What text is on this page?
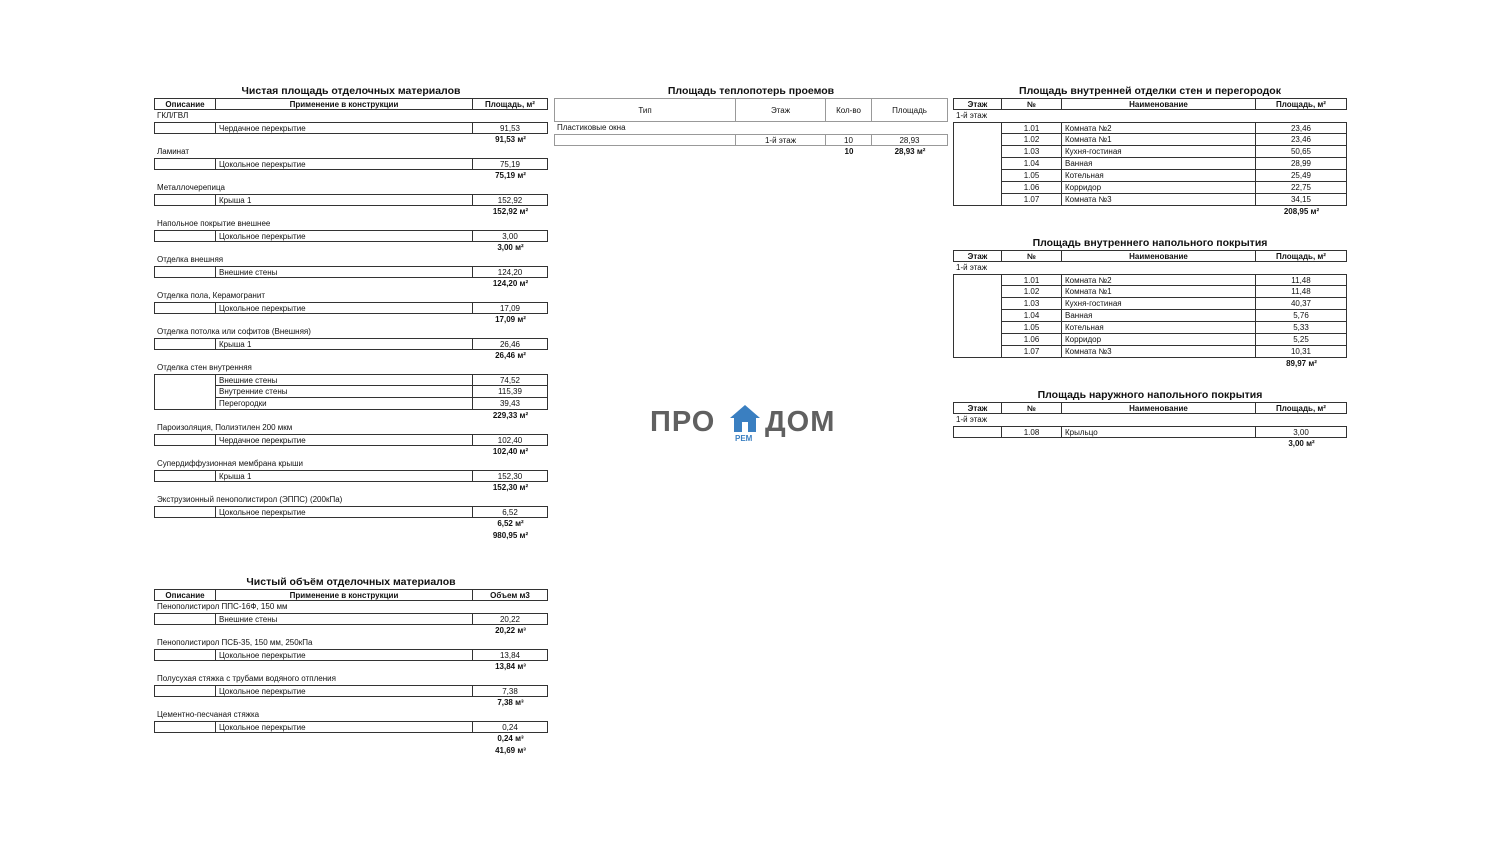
Чистая площадь отделочных материалов
Описание	Применение в конструкции	Площадь, м²
ГКЛ/ГВЛ
Чердачное перекрытие	91,53
91,53 м²
Ламинат
Цокольное перекрытие	75,19
75,19 м²
Металлочерепица
Крыша 1	152,92
152,92 м²
Напольное покрытие внешнее
Цокольное перекрытие	3,00
3,00 м²
Отделка внешняя
Внешние стены	124,20
124,20 м²
Отделка пола, Керамогранит
Цокольное перекрытие	17,09
17,09 м²
Отделка потолка или софитов (Внешняя)
Крыша 1	26,46
26,46 м²
Отделка стен внутренняя
Внешние стены	74,52
Внутренние стены	115,39
Перегородки	39,43
229,33 м²
Пароизоляция, Полиэтилен 200 мкм
Чердачное перекрытие	102,40
102,40 м²
Супердиффузионная мембрана крыши
Крыша 1	152,30
152,30 м²
Экструзионный пенополистирол (ЭППС) (200кПа)
Цокольное перекрытие	6,52
6,52 м²
980,95 м²
Чистый объём отделочных материалов
Описание	Применение в конструкции	Объем м3
Пенополистирол ППС-16Ф, 150 мм
Внешние стены	20,22
20,22 м³
Пенополистирол ПСБ-35, 150 мм, 250кПа
Цокольное перекрытие	13,84
13,84 м³
Полусухая стяжка с трубами водяного отпления
Цокольное перекрытие	7,38
7,38 м³
Цементно-песчаная стяжка
Цокольное перекрытие	0,24
0,24 м³
41,69 м³
Площадь теплопотерь проемов
Тип	Этаж	Кол-во	Площадь
Пластиковые окна
1-й этаж	10	28,93
10	28,93 м²
Площадь внутренней отделки стен и перегородок
Этаж	№	Наименование	Площадь, м²
1-й этаж
1.01	Комната №2	23,46
1.02	Комната №1	23,46
1.03	Кухня-гостиная	50,65
1.04	Ванная	28,99
1.05	Котельная	25,49
1.06	Корридор	22,75
1.07	Комната №3	34,15
208,95 м²
Площадь внутреннего напольного покрытия
Этаж	№	Наименование	Площадь, м²
1-й этаж
1.01	Комната №2	11,48
1.02	Комната №1	11,48
1.03	Кухня-гостиная	40,37
1.04	Ванная	5,76
1.05	Котельная	5,33
1.06	Корридор	5,25
1.07	Комната №3	10,31
89,97 м²
Площадь наружного напольного покрытия
Этаж	№	Наименование	Площадь, м²
1-й этаж
1.08	Крыльцо	3,00
3,00 м²
ПРО
РЕМ
ДОМ
